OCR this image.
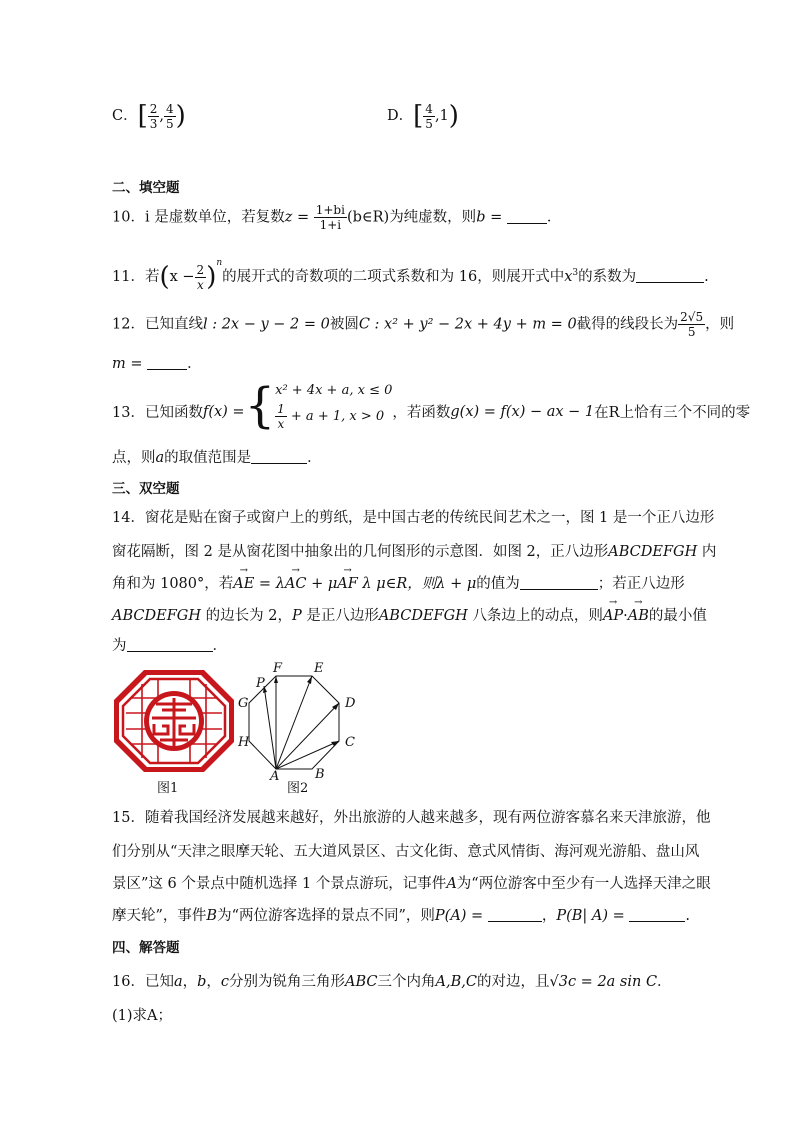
C．[ $\frac{2}{3}$ , $\frac{4}{5}$ )	D．[ $\frac{4}{5} ,1$)
二、填空题
10．i 是虚数单位，若复数$z = \frac{1+bi}{1+i}$ (b∈R)为纯虚数，则b =	．
11．若$(x - \frac{2}{x} )^n$的展开式的奇数项的二项式系数和为 16，则展开式中$x^3$的系数为	.
12．已知直线l : 2x − y − 2 = 0被圆C : x² + y² − 2x + 4y + m = 0截得的线段长为 $\frac{2√5}{5}$ ，则
m =	．
13．已知函数f(x) ={ x² + 4x + a, x ≤ 0
$\frac{1}{x} + a + 1$, x > 0 ，若函数g(x) = f(x) − ax − 1在R上恰有三个不同的零
点，则a的取值范围是	．
三、双空题
14．窗花是贴在窗子或窗户上的剪纸，是中国古老的传统民间艺术之一，图 1 是一个正八边形
窗花隔断，图 2 是从窗花图中抽象出的几何图形的示意图．如图 2，正八边形ABCDEFGH 内
角和为 1080°，若→ AE = λ→ AC + μ→ AF λ μ∈R，则λ + μ的值为	；若正八边形
ABCDEFGH 的边长为 2，P 是正八边形ABCDEFGH 八条边上的动点，则→ AP·→ AB的最小值
为	．
图1
A	B
C
D
E
F
G
H
P
图2
15．随着我国经济发展越来越好，外出旅游的人越来越多，现有两位游客慕名来天津旅游，他
们分别从“天津之眼摩天轮、五大道风景区、古文化街、意式风情街、海河观光游船、盘山风
景区”这 6 个景点中随机选择 1 个景点游玩，记事件A为“两位游客中至少有一人选择天津之眼
摩天轮”，事件B为“两位游客选择的景点不同”，则P(A) =	，P(B| A) =	.
四、解答题
16．已知a，b，c分别为锐角三角形ABC三个内角A,B,C的对边，且√3c = 2a sin C．
(1)求A；
